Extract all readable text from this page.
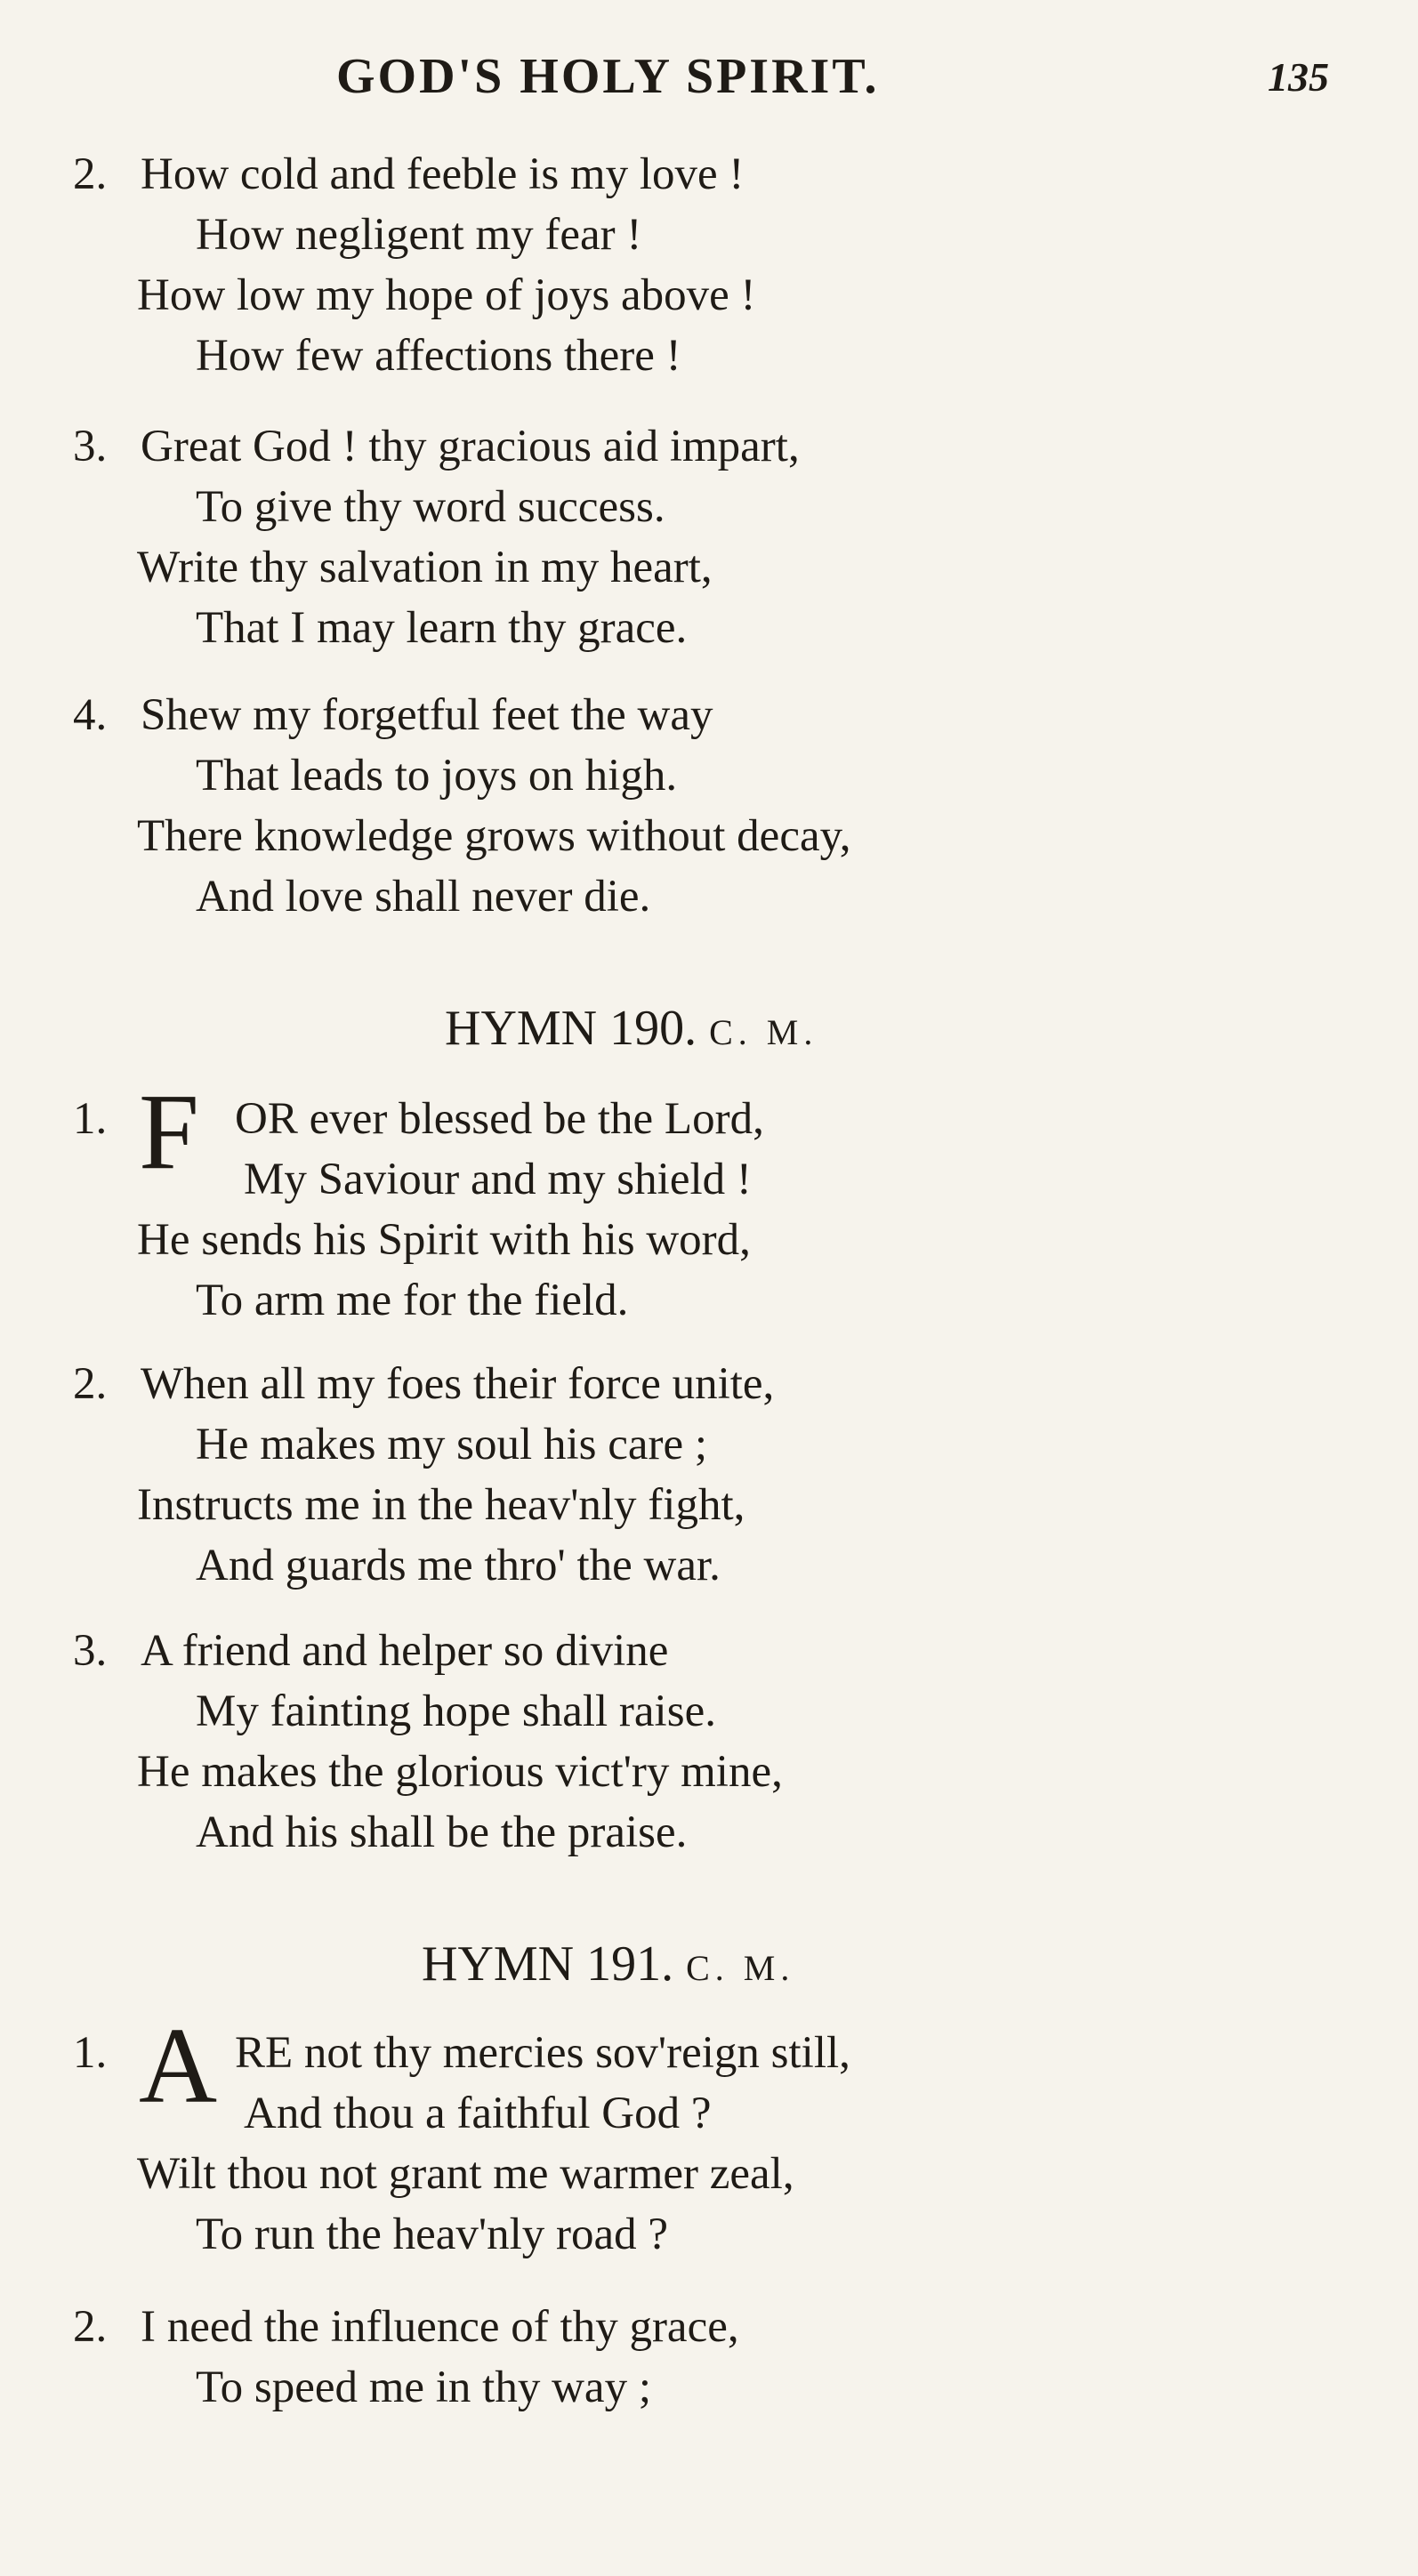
GOD'S HOLY SPIRIT.	135
2. How cold and feeble is my love !
How negligent my fear !
How low my hope of joys above !
How few affections there !
3. Great God ! thy gracious aid impart,
To give thy word success.
Write thy salvation in my heart,
That I may learn thy grace.
4. Shew my forgetful feet the way
That leads to joys on high.
There knowledge grows without decay,
And love shall never die.
HYMN 190. C. M.
F
1.	OR ever blessed be the Lord,
My Saviour and my shield !
He sends his Spirit with his word,
To arm me for the field.
2. When all my foes their force unite,
He makes my soul his care ;
Instructs me in the heav'nly fight,
And guards me thro' the war.
3. A friend and helper so divine
My fainting hope shall raise.
He makes the glorious vict'ry mine,
And his shall be the praise.
HYMN 191. C. M.
A
1.	RE not thy mercies sov'reign still,
And thou a faithful God ?
Wilt thou not grant me warmer zeal,
To run the heav'nly road ?
2. I need the influence of thy grace,
To speed me in thy way ;
